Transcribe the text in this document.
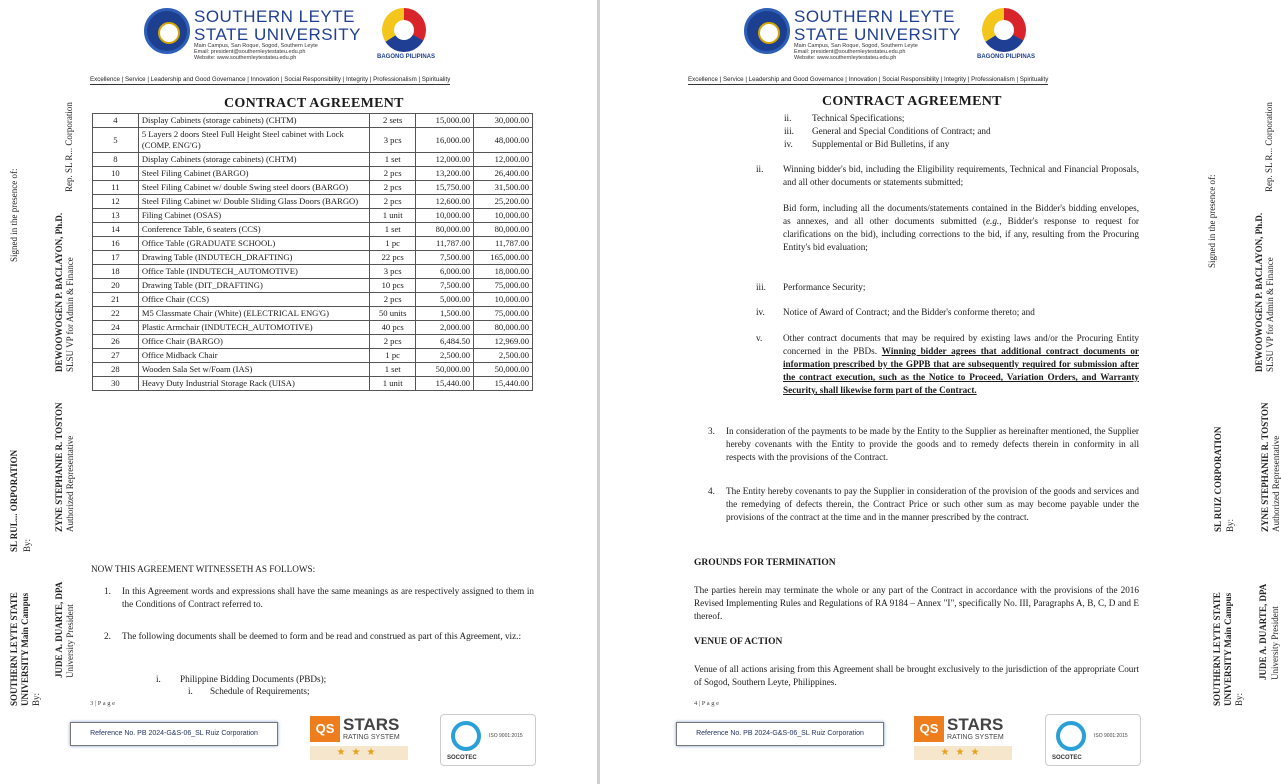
SOUTHERN LEYTE
STATE UNIVERSITY
Main Campus, San Roque, Sogod, Southern Leyte
Email: president@southernleytestateu.edu.ph
Website: www.southernleytestateu.edu.ph	BAGONG PILIPINAS
Excellence | Service | Leadership and Good Governance | Innovation | Social Responsibility | Integrity | Professionalism | Spirituality
CONTRACT AGREEMENT
Signed in the presence of:
Rep. SL R... Corporation
DEWOOWOGEN P. BACLAYON, Ph.D. SLSU VP for Admin & Finance
ZYNE STEPHANIE R. TOSTON Authorized Representative
SL RUL... ORPORATION By:
JUDE A. DUARTE, DPA University President
SOUTHERN LEYTE STATE UNIVERSITY Main Campus By:
4	Display Cabinets (storage cabinets) (CHTM)	2 sets	15,000.00	30,000.00
5	5 Layers 2 doors Steel Full Height Steel cabinet with Lock (COMP. ENG'G)	3 pcs	16,000.00	48,000.00
8	Display Cabinets (storage cabinets) (CHTM)	1 set	12,000.00	12,000.00
10	Steel Filing Cabinet (BARGO)	2 pcs	13,200.00	26,400.00
11	Steel Filing Cabinet w/ double Swing steel doors (BARGO)	2 pcs	15,750.00	31,500.00
12	Steel Filing Cabinet w/ Double Sliding Glass Doors (BARGO)	2 pcs	12,600.00	25,200.00
13	Filing Cabinet (OSAS)	1 unit	10,000.00	10,000.00
14	Conference Table, 6 seaters (CCS)	1 set	80,000.00	80,000.00
16	Office Table (GRADUATE SCHOOL)	1 pc	11,787.00	11,787.00
17	Drawing Table (INDUTECH_DRAFTING)	22 pcs	7,500.00	165,000.00
18	Office Table (INDUTECH_AUTOMOTIVE)	3 pcs	6,000.00	18,000.00
20	Drawing Table (DIT_DRAFTING)	10 pcs	7,500.00	75,000.00
21	Office Chair (CCS)	2 pcs	5,000.00	10,000.00
22	M5 Classmate Chair (White) (ELECTRICAL ENG'G)	50 units	1,500.00	75,000.00
24	Plastic Armchair (INDUTECH_AUTOMOTIVE)	40 pcs	2,000.00	80,000.00
26	Office Chair (BARGO)	2 pcs	6,484.50	12,969.00
27	Office Midback Chair	1 pc	2,500.00	2,500.00
28	Wooden Sala Set w/Foam (IAS)	1 set	50,000.00	50,000.00
30	Heavy Duty Industrial Storage Rack (UISA)	1 unit	15,440.00	15,440.00
NOW THIS AGREEMENT WITNESSETH AS FOLLOWS:
1.	In this Agreement words and expressions shall have the same meanings as are respectively assigned to them in the Conditions of Contract referred to.
2.	The following documents shall be deemed to form and be read and construed as part of this Agreement, viz.:
i.	Philippine Bidding Documents (PBDs);
i.	Schedule of Requirements;
3 | P a g e
Reference No. PB 2024-G&S-06_SL Ruiz Corporation	QS STARS
RATING SYSTEM
★★★
ISO 9001:2015
SOCOTEC
SOUTHERN LEYTE
STATE UNIVERSITY
Main Campus, San Roque, Sogod, Southern Leyte
Email: president@southernleytestateu.edu.ph
Website: www.southernleytestateu.edu.ph	BAGONG PILIPINAS
Excellence | Service | Leadership and Good Governance | Innovation | Social Responsibility | Integrity | Professionalism | Spirituality
CONTRACT AGREEMENT
Signed in the presence of:
Rep. SL R... Corporation
DEWOOWOGEN P. BACLAYON, Ph.D. SLSU VP for Admin & Finance
ZYNE STEPHANIE R. TOSTON Authorized Representative
SL RUIZ CORPORATION By:
JUDE A. DUARTE, DPA University President
SOUTHERN LEYTE STATE UNIVERSITY Main Campus By:
ii.	Technical Specifications;
iii.	General and Special Conditions of Contract; and
iv.	Supplemental or Bid Bulletins, if any
ii.	Winning bidder's bid, including the Eligibility requirements, Technical and Financial Proposals, and all other documents or statements submitted;
Bid form, including all the documents/statements contained in the Bidder's bidding envelopes, as annexes, and all other documents submitted (e.g., Bidder's response to request for clarifications on the bid), including corrections to the bid, if any, resulting from the Procuring Entity's bid evaluation;
iii.	Performance Security;
iv.	Notice of Award of Contract; and the Bidder's conforme thereto; and
v.	Other contract documents that may be required by existing laws and/or the Procuring Entity concerned in the PBDs. Winning bidder agrees that additional contract documents or information prescribed by the GPPB that are subsequently required for submission after the contract execution, such as the Notice to Proceed, Variation Orders, and Warranty Security, shall likewise form part of the Contract.
3.	In consideration of the payments to be made by the Entity to the Supplier as hereinafter mentioned, the Supplier hereby covenants with the Entity to provide the goods and to remedy defects therein in conformity in all respects with the provisions of the Contract.
4.	The Entity hereby covenants to pay the Supplier in consideration of the provision of the goods and services and the remedying of defects therein, the Contract Price or such other sum as may become payable under the provisions of the contract at the time and in the manner prescribed by the contract.
GROUNDS FOR TERMINATION
The parties herein may terminate the whole or any part of the Contract in accordance with the provisions of the 2016 Revised Implementing Rules and Regulations of RA 9184 – Annex "I", specifically No. III, Paragraphs A, B, C, D and E thereof.
VENUE OF ACTION
Venue of all actions arising from this Agreement shall be brought exclusively to the jurisdiction of the appropriate Court of Sogod, Southern Leyte, Philippines.
4 | P a g e
Reference No. PB 2024-G&S-06_SL Ruiz Corporation	QS STARS
RATING SYSTEM
★★★
ISO 9001:2015
SOCOTEC
